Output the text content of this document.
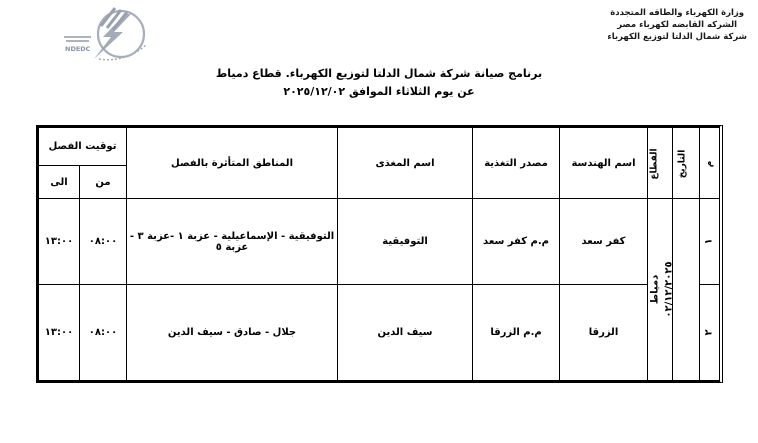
وزارة الكهرباء والطاقه المتجددة
الشركه القابضه لكهرباء مصر
شركة شمال الدلتا لتوزيع الكهرباء
NDEDC
برنامج صيانة شركة شمال الدلتا لتوزيع الكهرباء. قطاع دمياط
عن يوم الثلاثاء الموافق ٢٠٢٥/١٢/٠٢
م	التاريخ	القطاع	اسم الهندسة	مصدر التغذية	اسم المغذى	المناطق المتأثرة بالفصل	توقيت الفصل	
							من	الى
١	٠٢/١٢/٢٠٢٥	دمياط	كفر سعد	م.م كفر سعد	التوفيقية	التوفيقية - الإسماعيلية - عزبة ١ -عزبة ٣ - عزبة ٥	٠٨:٠٠	١٣:٠٠
٢			الزرقا	م.م الزرقا	سيف الدين	جلال - صادق - سيف الدين	٠٨:٠٠	١٣:٠٠
